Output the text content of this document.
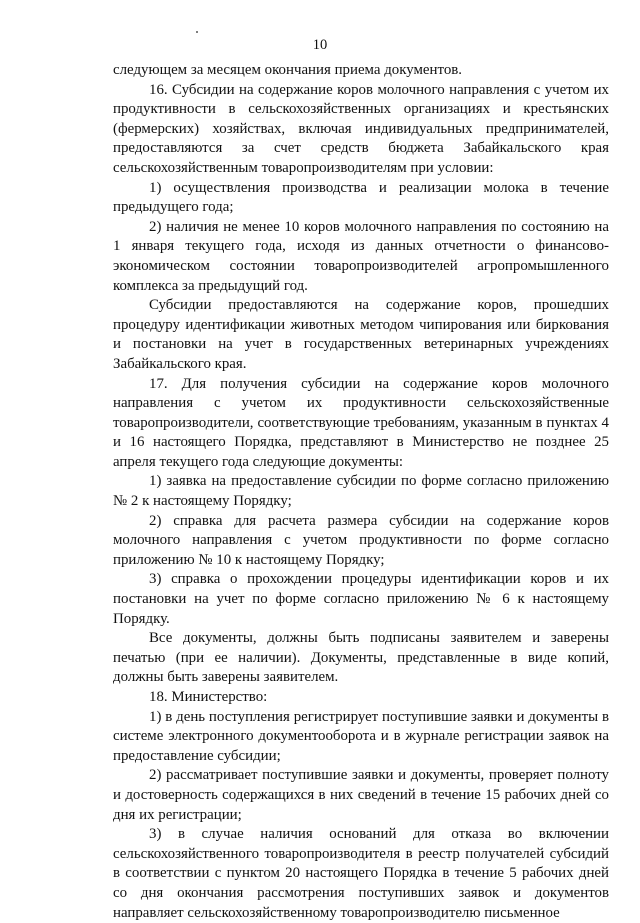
10

следующем за месяцем окончания приема документов.

16. Субсидии на содержание коров молочного направления с учетом их продуктивности в сельскохозяйственных организациях и крестьянских (фермерских) хозяйствах, включая индивидуальных предпринимателей, предоставляются за счет средств бюджета Забайкальского края сельскохозяйственным товаропроизводителям при условии:

1) осуществления производства и реализации молока в течение предыдущего года;

2) наличия не менее 10 коров молочного направления по состоянию на 1 января текущего года, исходя из данных отчетности о финансово-экономическом состоянии товаропроизводителей агропромышленного комплекса за предыдущий год.

Субсидии предоставляются на содержание коров, прошедших процедуру идентификации животных методом чипирования или биркования и постановки на учет в государственных ветеринарных учреждениях Забайкальского края.

17. Для получения субсидии на содержание коров молочного направления с учетом их продуктивности сельскохозяйственные товаропроизводители, соответствующие требованиям, указанным в пунктах 4 и 16 настоящего Порядка, представляют в Министерство не позднее 25 апреля текущего года следующие документы:

1) заявка на предоставление субсидии по форме согласно приложению № 2 к настоящему Порядку;

2) справка для расчета размера субсидии на содержание коров молочного направления с учетом продуктивности по форме согласно приложению № 10 к настоящему Порядку;

3) справка о прохождении процедуры идентификации коров и их постановки на учет по форме согласно приложению № 6 к настоящему Порядку.

Все документы, должны быть подписаны заявителем и заверены печатью (при ее наличии). Документы, представленные в виде копий, должны быть заверены заявителем.

18. Министерство:

1) в день поступления регистрирует поступившие заявки и документы в системе электронного документооборота и в журнале регистрации заявок на предоставление субсидии;

2) рассматривает поступившие заявки и документы, проверяет полноту и достоверность содержащихся в них сведений в течение 15 рабочих дней со дня их регистрации;

3) в случае наличия оснований для отказа во включении сельскохозяйственного товаропроизводителя в реестр получателей субсидий в соответствии с пунктом 20 настоящего Порядка в течение 5 рабочих дней со дня окончания рассмотрения поступивших заявок и документов направляет сельскохозяйственному товаропроизводителю письменное
